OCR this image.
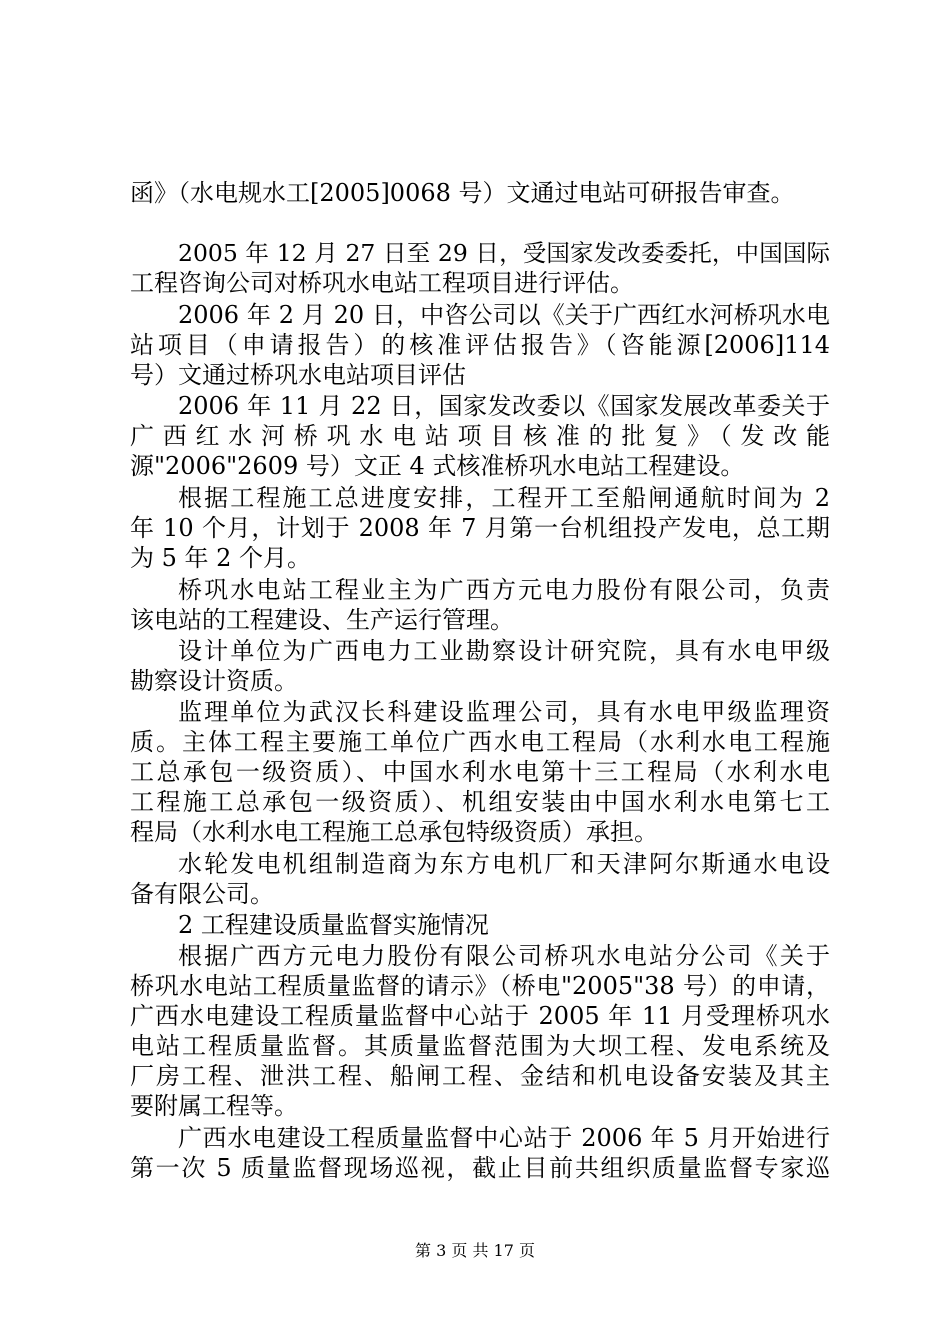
函》（水电规水工[2005]0068 号）文通过电站可研报告审查。
2005 年 12 月 27 日至 29 日，受国家发改委委托，中国国际
工程咨询公司对桥巩水电站工程项目进行评估。
2006 年 2 月 20 日，中咨公司以《关于广西红水河桥巩水电
站项目（申请报告）的核准评估报告》（咨能源[2006]114
号）文通过桥巩水电站项目评估
2006 年 11 月 22 日，国家发改委以《国家发展改革委关于
广西红水河桥巩水电站项目核准的批复》（发改能
源"2006"2609 号）文正 4 式核准桥巩水电站工程建设。
根据工程施工总进度安排，工程开工至船闸通航时间为 2
年 10 个月，计划于 2008 年 7 月第一台机组投产发电，总工期
为 5 年 2 个月。
桥巩水电站工程业主为广西方元电力股份有限公司，负责
该电站的工程建设、生产运行管理。
设计单位为广西电力工业勘察设计研究院，具有水电甲级
勘察设计资质。
监理单位为武汉长科建设监理公司，具有水电甲级监理资
质。主体工程主要施工单位广西水电工程局（水利水电工程施
工总承包一级资质）、中国水利水电第十三工程局（水利水电
工程施工总承包一级资质）、机组安装由中国水利水电第七工
程局（水利水电工程施工总承包特级资质）承担。
水轮发电机组制造商为东方电机厂和天津阿尔斯通水电设
备有限公司。
2 工程建设质量监督实施情况
根据广西方元电力股份有限公司桥巩水电站分公司《关于
桥巩水电站工程质量监督的请示》（桥电"2005"38 号）的申请，
广西水电建设工程质量监督中心站于 2005 年 11 月受理桥巩水
电站工程质量监督。其质量监督范围为大坝工程、发电系统及
厂房工程、泄洪工程、船闸工程、金结和机电设备安装及其主
要附属工程等。
广西水电建设工程质量监督中心站于 2006 年 5 月开始进行
第一次 5 质量监督现场巡视，截止目前共组织质量监督专家巡
第 3 页 共 17 页
